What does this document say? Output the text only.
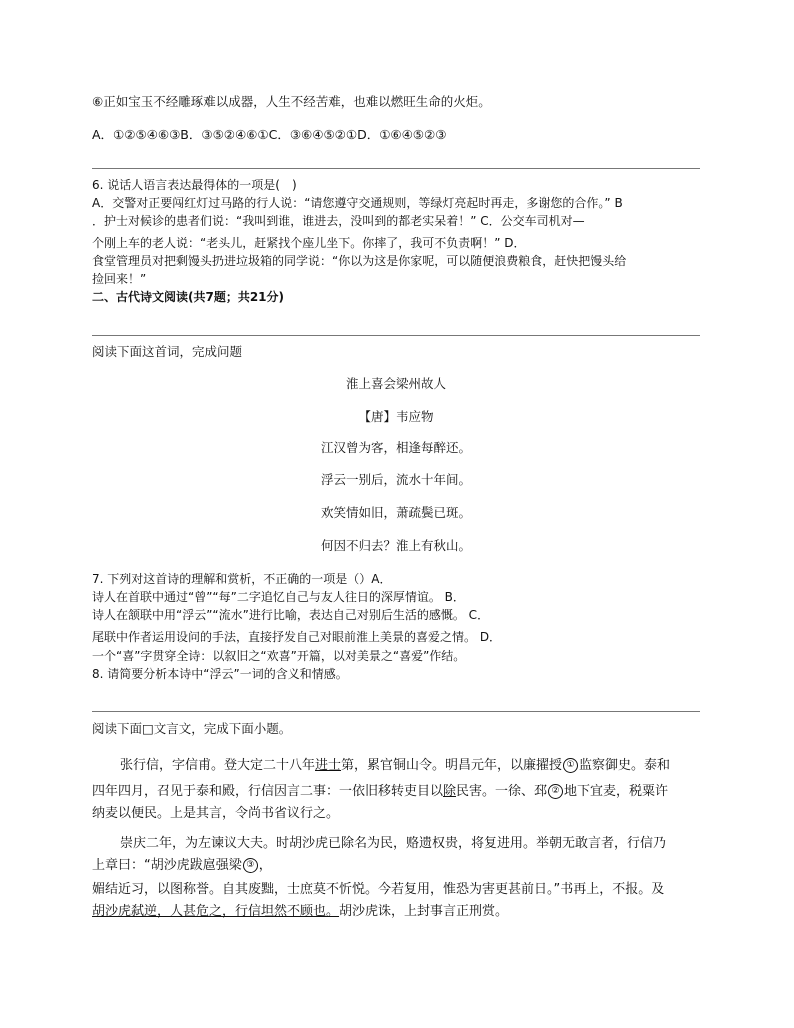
⑥正如宝玉不经雕琢难以成器，人生不经苦难，也难以燃旺生命的火炬。
A．①②⑤④⑥③B．③⑤②④⑥①C．③⑥④⑤②①D．①⑥④⑤②③
6. 说话人语言表达最得体的一项是(　)
A．交警对正要闯红灯过马路的行人说：“请您遵守交通规则，等绿灯亮起时再走，多谢您的合作。” B
．护士对候诊的患者们说：“我叫到谁，谁进去，没叫到的都老实呆着！” C．公交车司机对—
个刚上车的老人说：“老头儿，赶紧找个座儿坐下。你摔了，我可不负责啊！” D．
食堂管理员对把剩馒头扔进垃圾箱的同学说：“你以为这是你家呢，可以随便浪费粮食，赶快把馒头给
捡回来！”
二、古代诗文阅读(共7题；共21分)
阅读下面这首词，完成问题
淮上喜会梁州故人
【唐】韦应物
江汉曾为客，相逢每醉还。
浮云一别后，流水十年间。
欢笑情如旧，萧疏鬓已斑。
何因不归去？淮上有秋山。
7. 下列对这首诗的理解和赏析，不正确的一项是（）A．
诗人在首联中通过“曾”“每”二字追忆自己与友人往日的深厚情谊。 B．
诗人在颔联中用“浮云”“流水”进行比喻，表达自己对别后生活的感慨。 C．
尾联中作者运用设问的手法，直接抒发自己对眼前淮上美景的喜爱之情。 D．
一个“喜”字贯穿全诗：以叙旧之“欢喜”开篇，以对美景之“喜爱”作结。
8. 请简要分析本诗中“浮云”一词的含义和情感。
阅读下面□文言文，完成下面小题。
张行信，字信甫。登大定二十八年进士第，累官铜山令。明昌元年，以廉擢授 ① 监察御史。泰和
四年四月，召见于泰和殿，行信因言二事：一依旧移转吏目以除民害。一徐、邳 ② 地下宜麦，税粟许
纳麦以便民。上是其言，令尚书省议行之。
崇庆二年，为左谏议大夫。时胡沙虎已除名为民，赂遗权贵，将复进用。举朝无敢言者，行信乃
上章曰：“胡沙虎跋扈强梁 ③ ，
媚结近习，以图称誉。自其废黜，士庶莫不忻悦。今若复用，惟恐为害更甚前日。”书再上，不报。及
胡沙虎弑逆，人甚危之，行信坦然不顾也。胡沙虎诛，上封事言正刑赏。
